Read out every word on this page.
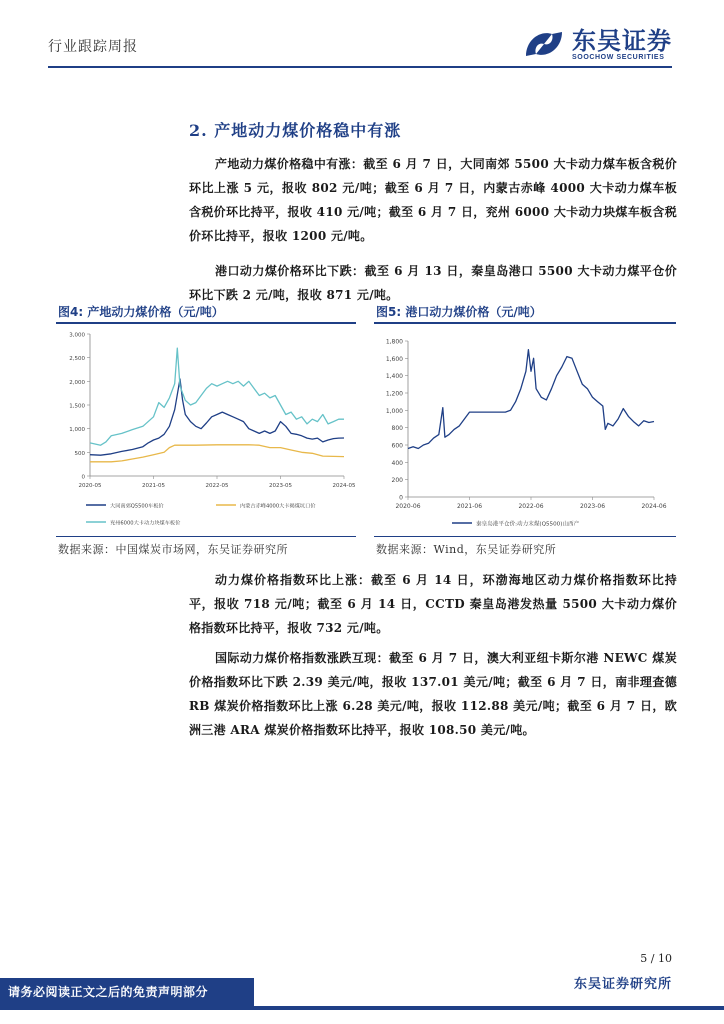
行业跟踪周报	东吴证券
SOOCHOW SECURITIES
2. 产地动力煤价格稳中有涨
产地动力煤价格稳中有涨：截至 6 月 7 日，大同南郊 5500 大卡动力煤车板含税价环比上涨 5 元，报收 802 元/吨；截至 6 月 7 日，内蒙古赤峰 4000 大卡动力煤车板含税价环比持平，报收 410 元/吨；截至 6 月 7 日，兖州 6000 大卡动力块煤车板含税价环比持平，报收 1200 元/吨。
港口动力煤价格环比下跌：截至 6 月 13 日，秦皇岛港口 5500 大卡动力煤平仓价环比下跌 2 元/吨，报收 871 元/吨。
图4: 产地动力煤价格（元/吨）
3,000
2,500
2,000
1,500
1,000
500
0
2020-05	2021-05	2022-05	2023-05	2024-05
大同南郊Q5500车板价	内蒙古赤峰4000大卡褐煤坑口价
兖州6000大卡动力块煤车板价
数据来源：中国煤炭市场网，东吴证券研究所
图5: 港口动力煤价格（元/吨）
1,800
1,600
1,400
1,200
1,000
800
600
400
200
0
2020-06	2021-06	2022-06	2023-06	2024-06
秦皇岛港平仓价:动力末煤(Q5500)山西产
数据来源：Wind，东吴证券研究所
动力煤价格指数环比上涨：截至 6 月 14 日，环渤海地区动力煤价格指数环比持平，报收 718 元/吨；截至 6 月 14 日，CCTD 秦皇岛港发热量 5500 大卡动力煤价格指数环比持平，报收 732 元/吨。
国际动力煤价格指数涨跌互现：截至 6 月 7 日，澳大利亚纽卡斯尔港 NEWC 煤炭价格指数环比下跌 2.39 美元/吨，报收 137.01 美元/吨；截至 6 月 7 日，南非理查德 RB 煤炭价格指数环比上涨 6.28 美元/吨，报收 112.88 美元/吨；截至 6 月 7 日，欧洲三港 ARA 煤炭价格指数环比持平，报收 108.50 美元/吨。
5 / 10
东吴证券研究所
请务必阅读正文之后的免责声明部分
